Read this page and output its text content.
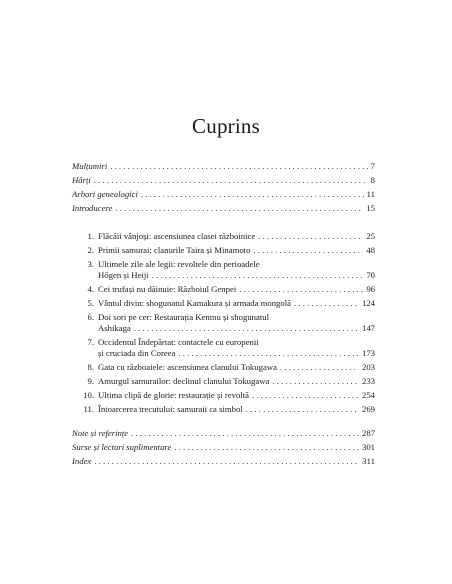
Cuprins
Mulțumiri . . .	7
Hărți . . .	8
Arbori genealogici . . .	11
Introducere . . .	15
1. Flăcăii vânjoși: ascensiunea clasei războinice . . .	25
2. Primii samurai: clanurile Taira și Minamoto . . .	48
3. Ultimele zile ale legii: revoltele din perioadele
Hōgen și Heiji . . .	70
4. Cei trufași nu dăinuie: Războiul Genpei . . .	96
5. Vântul divin: shogunatul Kamakura și armada mongolă . . .	124
6. Doi sori pe cer: Restaurația Kenmu și shogunatul
Ashikaga . . .	147
7. Occidentul Îndepărtat: contactele cu europenii
și cruciada din Coreea . . .	173
8. Gata cu războaiele: ascensiunea clanului Tokugawa . . .	203
9. Amurgul samurailor: declinul clanului Tokugawa . . .	233
10. Ultima clipă de glorie: restaurație și revoltă . . .	254
11. Întoarcerea trecutului: samuraii ca simbol . . .	269
Note și referințe . . .	287
Surse și lecturi suplimentare . . .	301
Index . . .	311
